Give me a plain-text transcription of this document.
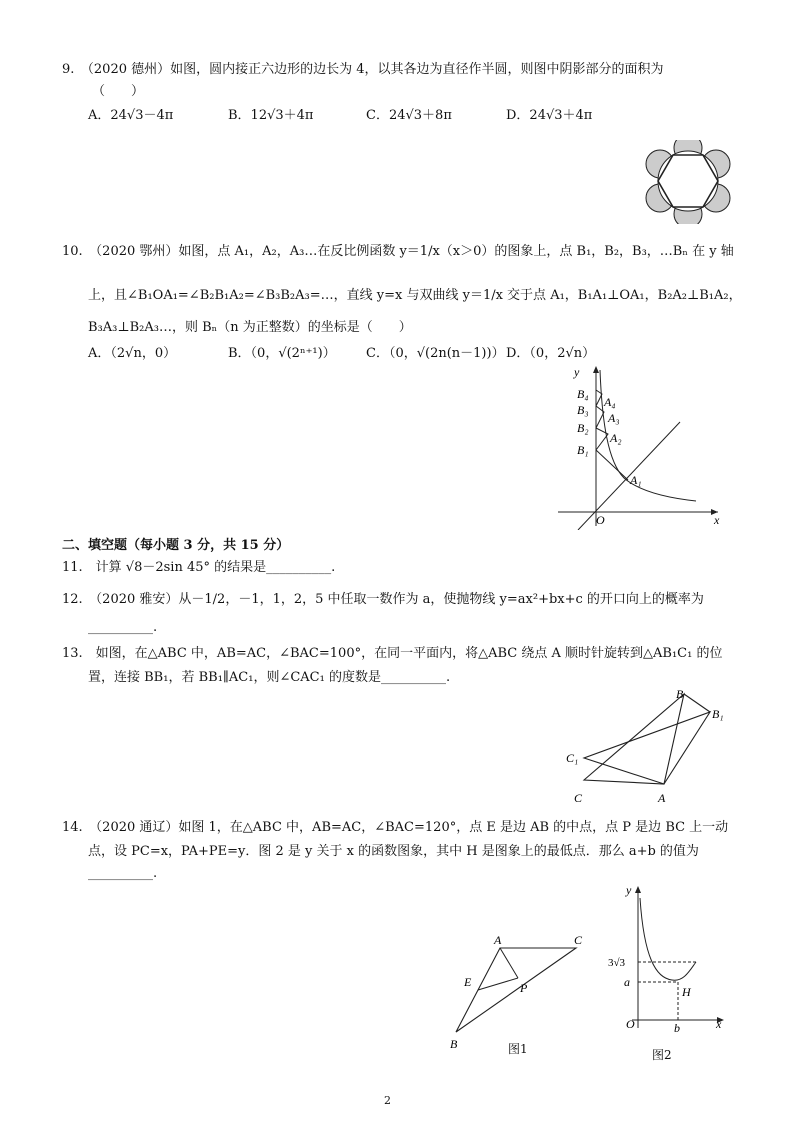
9.　（2020 德州）如图，圆内接正六边形的边长为 4，以其各边为直径作半圆，则图中阴影部分的面积为
（　　）
A．24√3－4π	B．12√3＋4π	C．24√3＋8π	D．24√3＋4π
10.　（2020 鄂州）如图，点 A₁，A₂，A₃…在反比例函数 y＝1/x（x＞0）的图象上，点 B₁，B₂，B₃，…Bₙ 在 y 轴
上，且∠B₁OA₁=∠B₂B₁A₂=∠B₃B₂A₃=…，直线 y=x 与双曲线 y＝1/x 交于点 A₁，B₁A₁⊥OA₁，B₂A₂⊥B₁A₂，
B₃A₃⊥B₂A₃…，则 Bₙ（n 为正整数）的坐标是（　　）
A．（2√n，0）	B．（0，√(2ⁿ⁺¹)） C．（0，√(2n(n－1))） D．（0，2√n）
y
x
O
B₄
B₃
B₂
B₁
A₄
A₃
A₂
A₁
二、填空题（每小题 3 分，共 15 分）
11.　计算 √8－2sin 45° 的结果是__________.
12.　（2020 雅安）从－1/2，－1，1，2，5 中任取一数作为 a，使抛物线 y=ax²+bx+c 的开口向上的概率为
__________.
13.　如图，在△ABC 中，AB=AC，∠BAC=100°，在同一平面内，将△ABC 绕点 A 顺时针旋转到△AB₁C₁ 的位
置，连接 BB₁，若 BB₁∥AC₁，则∠CAC₁ 的度数是__________.
B
B₁
C₁
C	A
14.　（2020 通辽）如图 1，在△ABC 中，AB=AC，∠BAC=120°，点 E 是边 AB 的中点，点 P 是边 BC 上一动
点，设 PC=x，PA+PE=y．图 2 是 y 关于 x 的函数图象，其中 H 是图象上的最低点．那么 a+b 的值为
__________.
A	C
E	P
B	图1
y
x
O
3√3
a
b
H
图2
2
